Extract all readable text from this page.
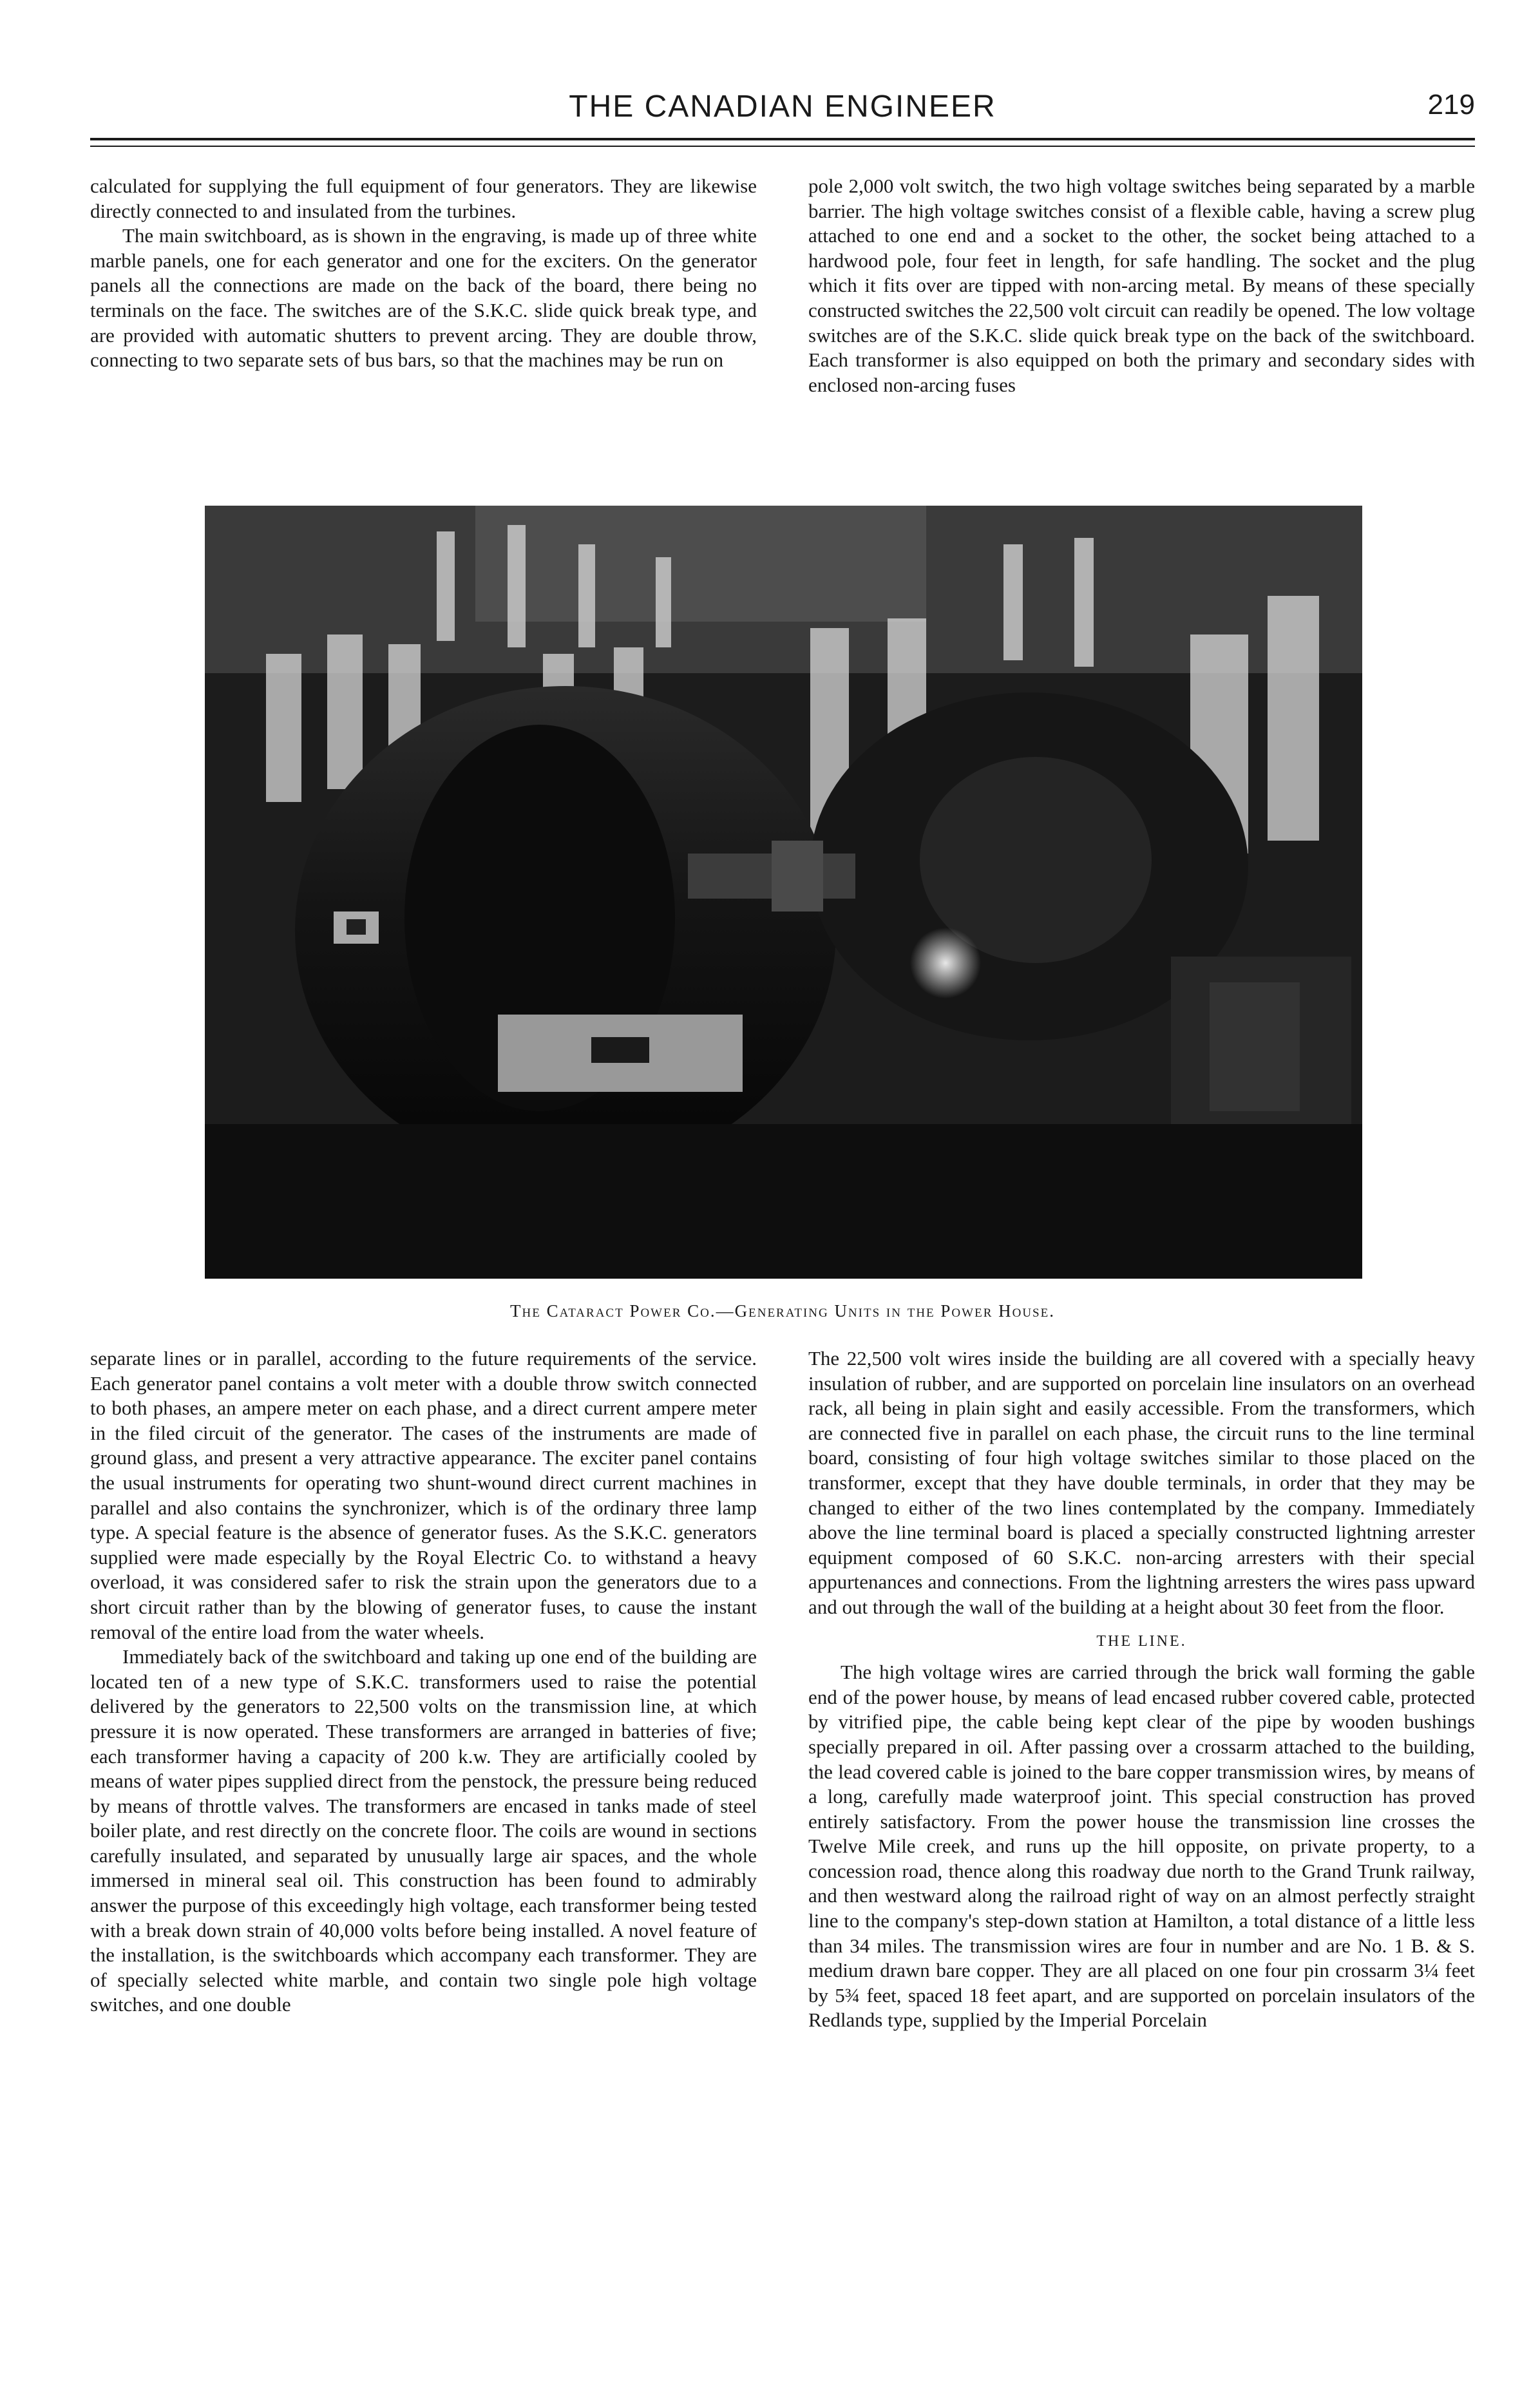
THE CANADIAN ENGINEER	219

calculated for supplying the full equipment of four generators. They are likewise directly connected to and insulated from the turbines.

The main switchboard, as is shown in the engraving, is made up of three white marble panels, one for each generator and one for the exciters. On the generator panels all the connections are made on the back of the board, there being no terminals on the face. The switches are of the S.K.C. slide quick break type, and are provided with automatic shutters to prevent arcing. They are double throw, connecting to two separate sets of bus bars, so that the machines may be run on

pole 2,000 volt switch, the two high voltage switches being separated by a marble barrier. The high voltage switches consist of a flexible cable, having a screw plug attached to one end and a socket to the other, the socket being attached to a hardwood pole, four feet in length, for safe handling. The socket and the plug which it fits over are tipped with non-arcing metal. By means of these specially constructed switches the 22,500 volt circuit can readily be opened. The low voltage switches are of the S.K.C. slide quick break type on the back of the switchboard. Each transformer is also equipped on both the primary and secondary sides with enclosed non-arcing fuses

The Cataract Power Co.—Generating Units in the Power House.

separate lines or in parallel, according to the future requirements of the service. Each generator panel contains a volt meter with a double throw switch connected to both phases, an ampere meter on each phase, and a direct current ampere meter in the filed circuit of the generator. The cases of the instruments are made of ground glass, and present a very attractive appearance. The exciter panel contains the usual instruments for operating two shunt-wound direct current machines in parallel and also contains the synchronizer, which is of the ordinary three lamp type. A special feature is the absence of generator fuses. As the S.K.C. generators supplied were made especially by the Royal Electric Co. to withstand a heavy overload, it was considered safer to risk the strain upon the generators due to a short circuit rather than by the blowing of generator fuses, to cause the instant removal of the entire load from the water wheels.

Immediately back of the switchboard and taking up one end of the building are located ten of a new type of S.K.C. transformers used to raise the potential delivered by the generators to 22,500 volts on the transmission line, at which pressure it is now operated. These transformers are arranged in batteries of five; each transformer having a capacity of 200 k.w. They are artificially cooled by means of water pipes supplied direct from the penstock, the pressure being reduced by means of throttle valves. The transformers are encased in tanks made of steel boiler plate, and rest directly on the concrete floor. The coils are wound in sections carefully insulated, and separated by unusually large air spaces, and the whole immersed in mineral seal oil. This construction has been found to admirably answer the purpose of this exceedingly high voltage, each transformer being tested with a break down strain of 40,000 volts before being installed. A novel feature of the installation, is the switchboards which accompany each transformer. They are of specially selected white marble, and contain two single pole high voltage switches, and one double

The 22,500 volt wires inside the building are all covered with a specially heavy insulation of rubber, and are supported on porcelain line insulators on an overhead rack, all being in plain sight and easily accessible. From the transformers, which are connected five in parallel on each phase, the circuit runs to the line terminal board, consisting of four high voltage switches similar to those placed on the transformer, except that they have double terminals, in order that they may be changed to either of the two lines contemplated by the company. Immediately above the line terminal board is placed a specially constructed lightning arrester equipment composed of 60 S.K.C. non-arcing arresters with their special appurtenances and connections. From the lightning arresters the wires pass upward and out through the wall of the building at a height about 30 feet from the floor.

THE LINE.

The high voltage wires are carried through the brick wall forming the gable end of the power house, by means of lead encased rubber covered cable, protected by vitrified pipe, the cable being kept clear of the pipe by wooden bushings specially prepared in oil. After passing over a crossarm attached to the building, the lead covered cable is joined to the bare copper transmission wires, by means of a long, carefully made waterproof joint. This special construction has proved entirely satisfactory. From the power house the transmission line crosses the Twelve Mile creek, and runs up the hill opposite, on private property, to a concession road, thence along this roadway due north to the Grand Trunk railway, and then westward along the railroad right of way on an almost perfectly straight line to the company's step-down station at Hamilton, a total distance of a little less than 34 miles. The transmission wires are four in number and are No. 1 B. & S. medium drawn bare copper. They are all placed on one four pin crossarm 3¼ feet by 5¾ feet, spaced 18 feet apart, and are supported on porcelain insulators of the Redlands type, supplied by the Imperial Porcelain
